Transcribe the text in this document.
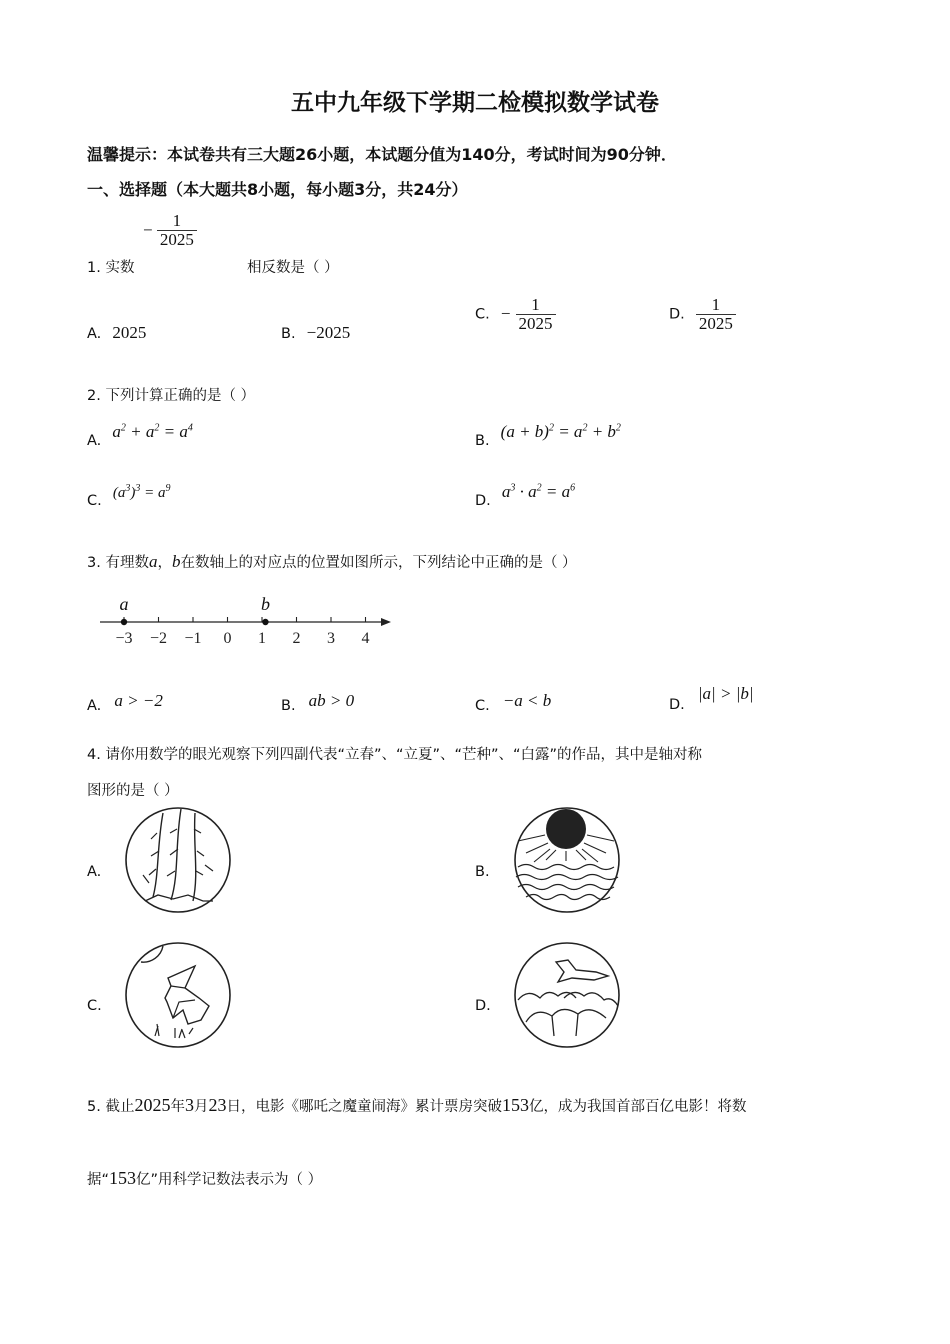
五中九年级下学期二检模拟数学试卷
温馨提示：本试卷共有三大题26小题，本试题分值为140分，考试时间为90分钟．
一、选择题（本大题共8小题，每小题3分，共24分）
1. 实数
− $\frac{1}{2025}$
相反数是（ ）
A. 2025	B. −2025
C. − $\frac{1}{2025}$	D. $\frac{1}{2025}$
2. 下列计算正确的是（ ）
A. $a^2 + a^2 = a^4$
B. $(a + b)^2 = a^2 + b^2$
C. $(a^3)^3 = a^9$
D. $a^3 \cdot a^2 = a^6$
3. 有理数a，b在数轴上的对应点的位置如图所示，下列结论中正确的是（ ）
−3 −2 −1 0 1 2 3 4
a	b
A. a > −2	B. ab > 0	C. −a < b	D. |a| > |b|
4. 请你用数学的眼光观察下列四副代表“立春”、“立夏”、“芒种”、“白露”的作品，其中是轴对称
图形的是（ ）
A.	B.
C.	D.
5. 截止2025年3月23日，电影《哪吒之魔童闹海》累计票房突破153亿，成为我国首部百亿电影！将数
据“153亿”用科学记数法表示为（ ）
